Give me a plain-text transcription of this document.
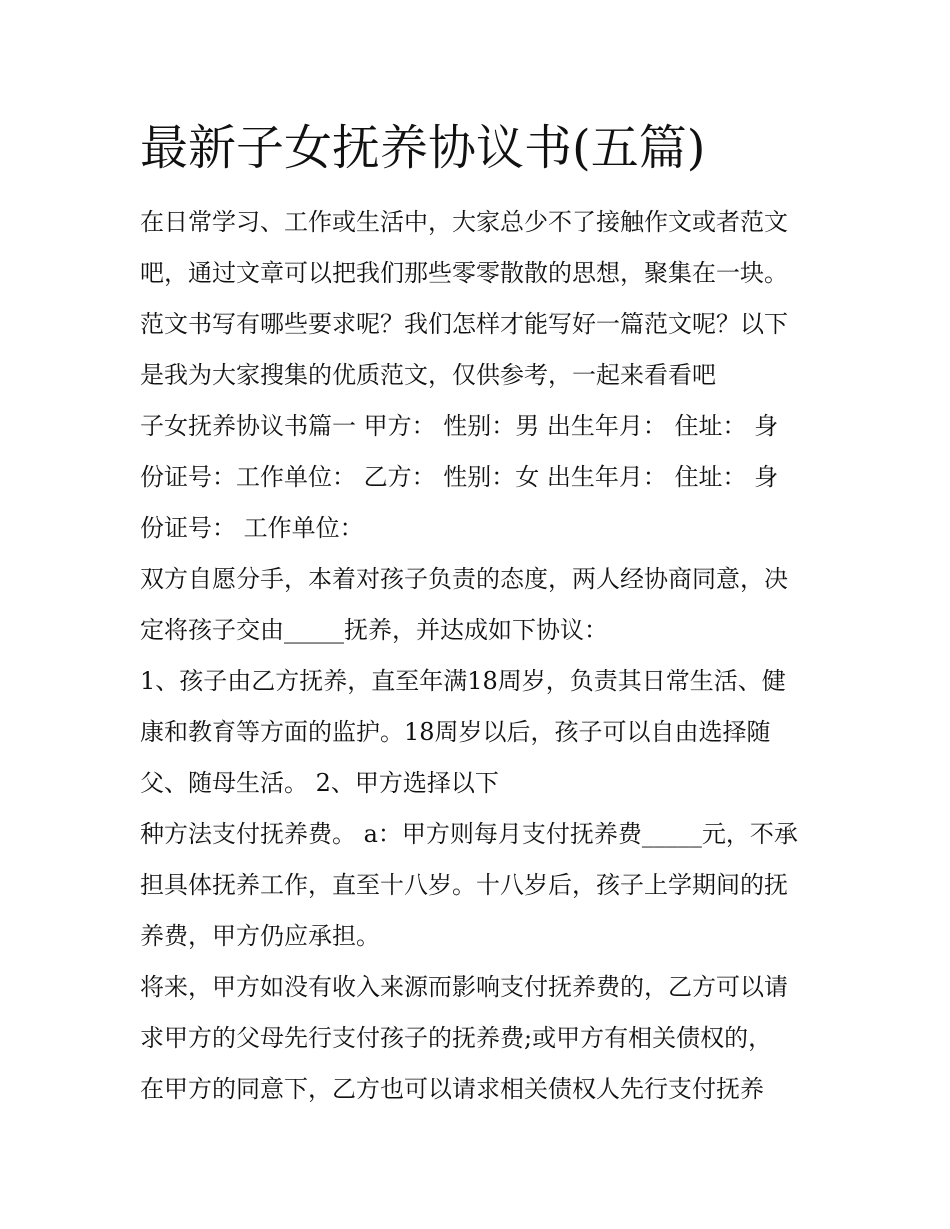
最新子女抚养协议书(五篇)
在日常学习、工作或生活中，大家总少不了接触作文或者范文
吧，通过文章可以把我们那些零零散散的思想，聚集在一块。
范文书写有哪些要求呢？我们怎样才能写好一篇范文呢？以下
是我为大家搜集的优质范文，仅供参考，一起来看看吧
子女抚养协议书篇一 甲方： 性别：男 出生年月： 住址： 身
份证号：工作单位： 乙方： 性别：女 出生年月： 住址： 身
份证号： 工作单位：
双方自愿分手，本着对孩子负责的态度，两人经协商同意，决
定将孩子交由_____抚养，并达成如下协议：
1、孩子由乙方抚养，直至年满18周岁，负责其日常生活、健
康和教育等方面的监护。18周岁以后，孩子可以自由选择随
父、随母生活。 2、甲方选择以下
种方法支付抚养费。 a：甲方则每月支付抚养费_____元，不承
担具体抚养工作，直至十八岁。十八岁后，孩子上学期间的抚
养费，甲方仍应承担。
将来，甲方如没有收入来源而影响支付抚养费的，乙方可以请
求甲方的父母先行支付孩子的抚养费;或甲方有相关债权的，
在甲方的同意下，乙方也可以请求相关债权人先行支付抚养
